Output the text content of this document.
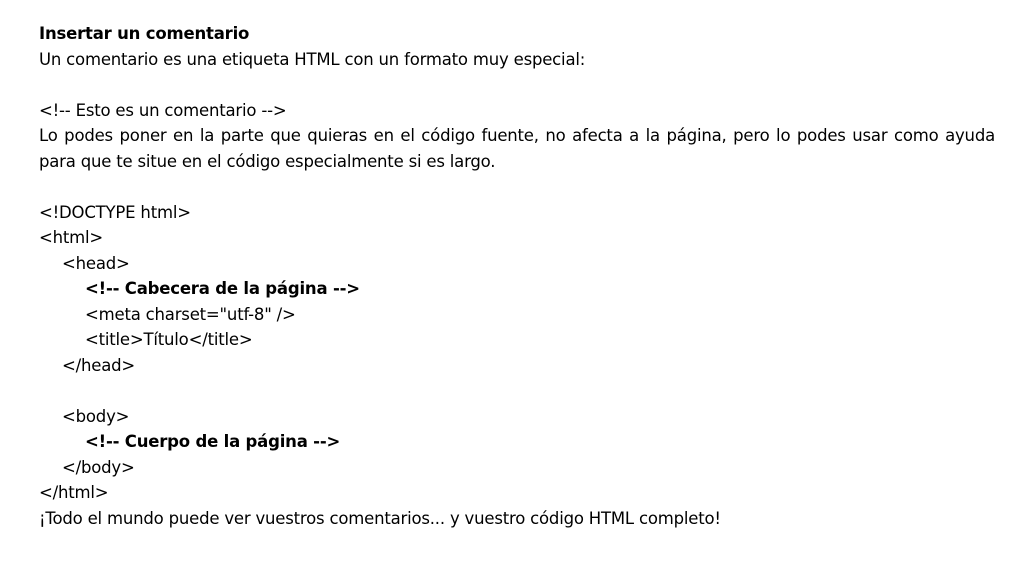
Insertar un comentario
Un comentario es una etiqueta HTML con un formato muy especial:
<!-- Esto es un comentario -->
Lo podes poner en la parte que quieras en el código fuente, no afecta a la página, pero lo podes usar como ayuda para que te situe en el código especialmente si es largo.
<!DOCTYPE html>
<html>
<head>
<!-- Cabecera de la página -->
<meta charset="utf-8" />
<title>Título</title>
</head>
<body>
<!-- Cuerpo de la página -->
</body>
</html>
¡Todo el mundo puede ver vuestros comentarios... y vuestro código HTML completo!
